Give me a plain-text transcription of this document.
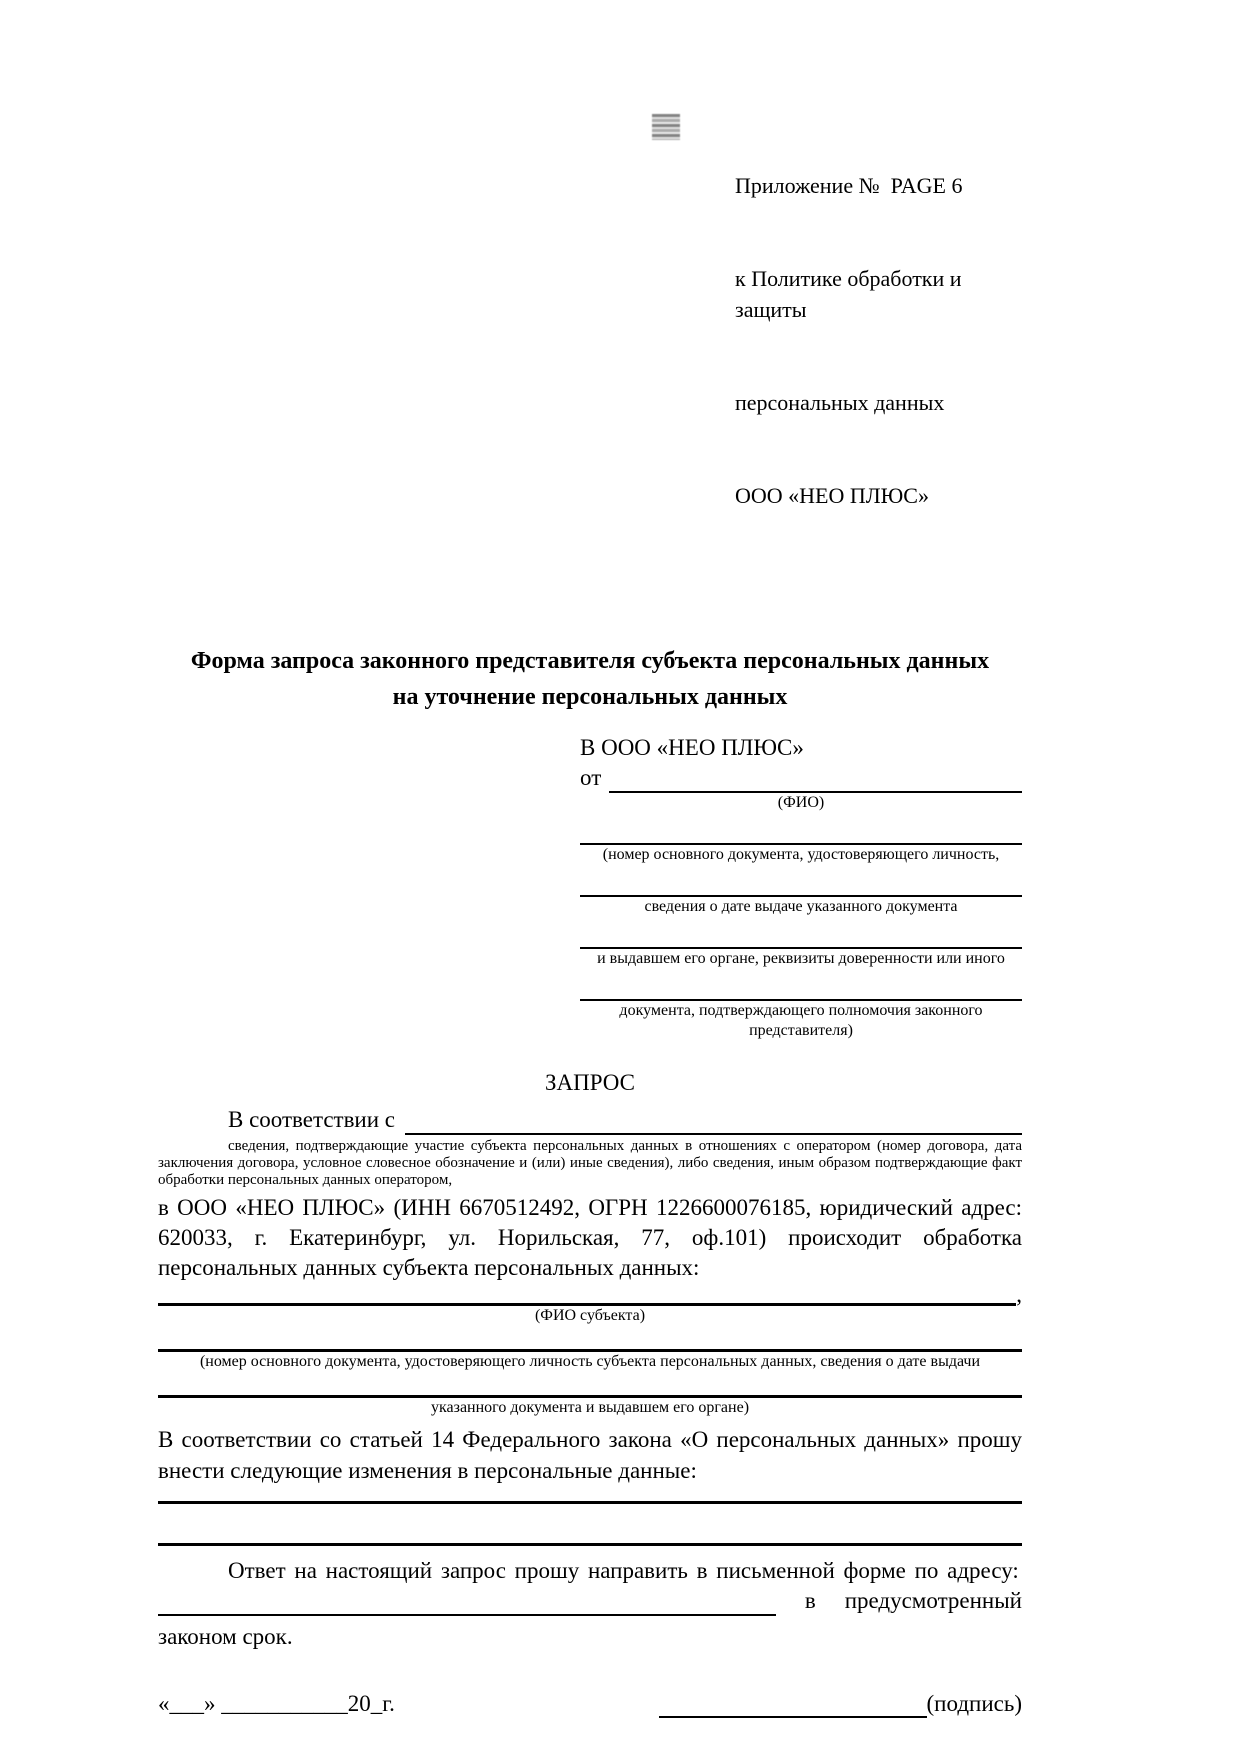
Приложение №  PAGE 6

к Политике обработки и защиты

персональных данных

ООО «НЕО ПЛЮС»

Форма запроса законного представителя субъекта персональных данных
на уточнение персональных данных
В ООО «НЕО ПЛЮС»
от
(ФИО)
(номер основного документа, удостоверяющего личность,
сведения о дате выдаче указанного документа
и выдавшем его органе, реквизиты доверенности или иного
документа, подтверждающего полномочия законного представителя)
ЗАПРОС
В соответствии с
сведения, подтверждающие участие субъекта персональных данных в отношениях с оператором (номер договора, дата заключения договора, условное словесное обозначение и (или) иные сведения), либо сведения, иным образом подтверждающие факт обработки персональных данных оператором,
в ООО «НЕО ПЛЮС» (ИНН 6670512492, ОГРН 1226600076185, юридический адрес: 620033, г. Екатеринбург, ул. Норильская, 77, оф.101) происходит обработка персональных данных субъекта персональных данных:
,
(ФИО субъекта)
(номер основного документа, удостоверяющего личность субъекта персональных данных, сведения о дате выдачи
указанного документа и выдавшем его органе)
В соответствии со статьей 14 Федерального закона «О персональных данных» прошу внести следующие изменения в персональные данные:
Ответ на настоящий запрос прошу направить в письменной форме по адресу:
в предусмотренный
законом срок.
«___» ___________20_г.	(подпись)
